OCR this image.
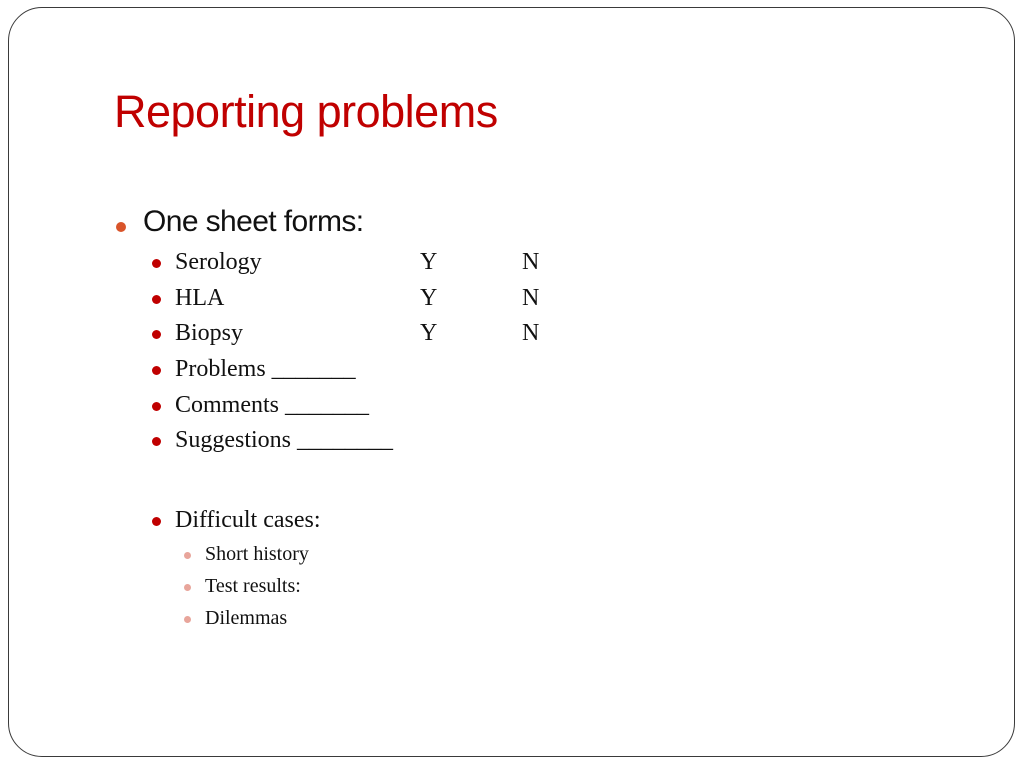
Reporting problems
One sheet forms:
Serology	Y	N
HLA	Y	N
Biopsy	Y	N
Problems _______
Comments _______
Suggestions ________
Difficult cases:
Short history
Test results:
Dilemmas
